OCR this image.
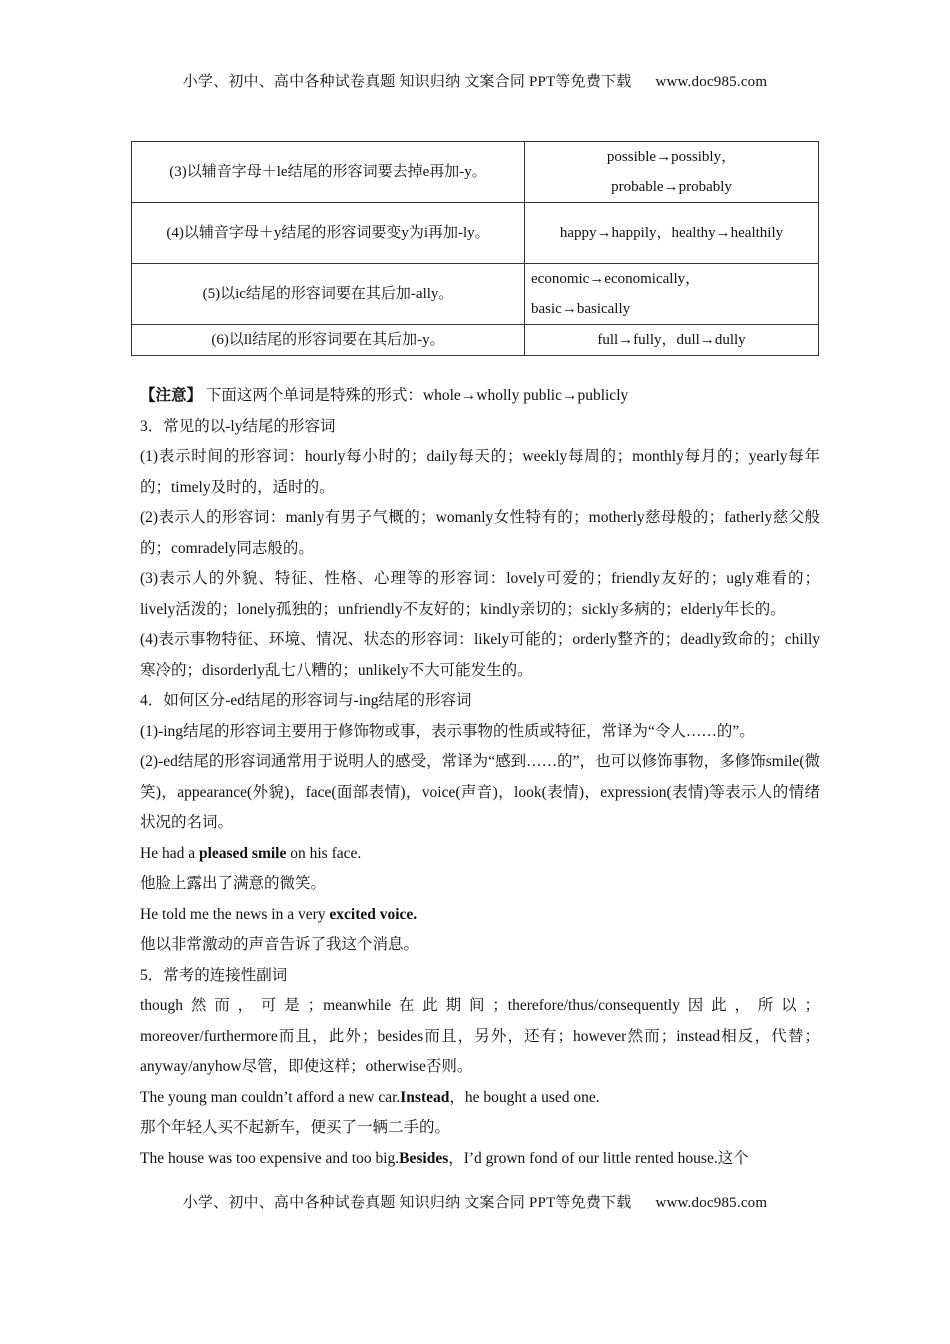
小学、初中、高中各种试卷真题 知识归纳 文案合同 PPT等免费下载 www.doc985.com
(3)以辅音字母＋le结尾的形容词要去掉e再加-y。	possible→possibly，
probable→probably

(4)以辅音字母＋y结尾的形容词要变y为i再加-ly。	happy→happily，healthy→healthily

(5)以ic结尾的形容词要在其后加-ally。	economic→economically，
basic→basically

(6)以ll结尾的形容词要在其后加-y。	full→fully，dull→dully

【注意】 下面这两个单词是特殊的形式：whole→wholly public→publicly

3．常见的以-ly结尾的形容词

(1)表示时间的形容词：hourly每小时的；daily每天的；weekly每周的；monthly每月的；yearly每年的；timely及时的，适时的。

(2)表示人的形容词：manly有男子气概的；womanly女性特有的；motherly慈母般的；fatherly慈父般的；comradely同志般的。

(3)表示人的外貌、特征、性格、心理等的形容词：lovely可爱的；friendly友好的；ugly难看的；lively活泼的；lonely孤独的；unfriendly不友好的；kindly亲切的；sickly多病的；elderly年长的。

(4)表示事物特征、环境、情况、状态的形容词：likely可能的；orderly整齐的；deadly致命的；chilly寒冷的；disorderly乱七八糟的；unlikely不大可能发生的。

4．如何区分-ed结尾的形容词与-ing结尾的形容词

(1)-ing结尾的形容词主要用于修饰物或事，表示事物的性质或特征，常译为“令人……的”。

(2)-ed结尾的形容词通常用于说明人的感受，常译为“感到……的”，也可以修饰事物，多修饰smile(微笑)，appearance(外貌)，face(面部表情)，voice(声音)，look(表情)，expression(表情)等表示人的情绪状况的名词。

He had a pleased smile on his face.

他脸上露出了满意的微笑。

He told me the news in a very excited voice.

他以非常激动的声音告诉了我这个消息。

5．常考的连接性副词

though然而，可是；meanwhile在此期间；therefore/thus/consequently因此，所以；moreover/furthermore而且，此外；besides而且，另外，还有；however然而；instead相反，代替；anyway/anyhow尽管，即使这样；otherwise否则。

The young man couldn’t afford a new car.Instead，he bought a used one.

那个年轻人买不起新车，便买了一辆二手的。

The house was too expensive and too big.Besides，I’d grown fond of our little rented house.这个

小学、初中、高中各种试卷真题 知识归纳 文案合同 PPT等免费下载 www.doc985.com
